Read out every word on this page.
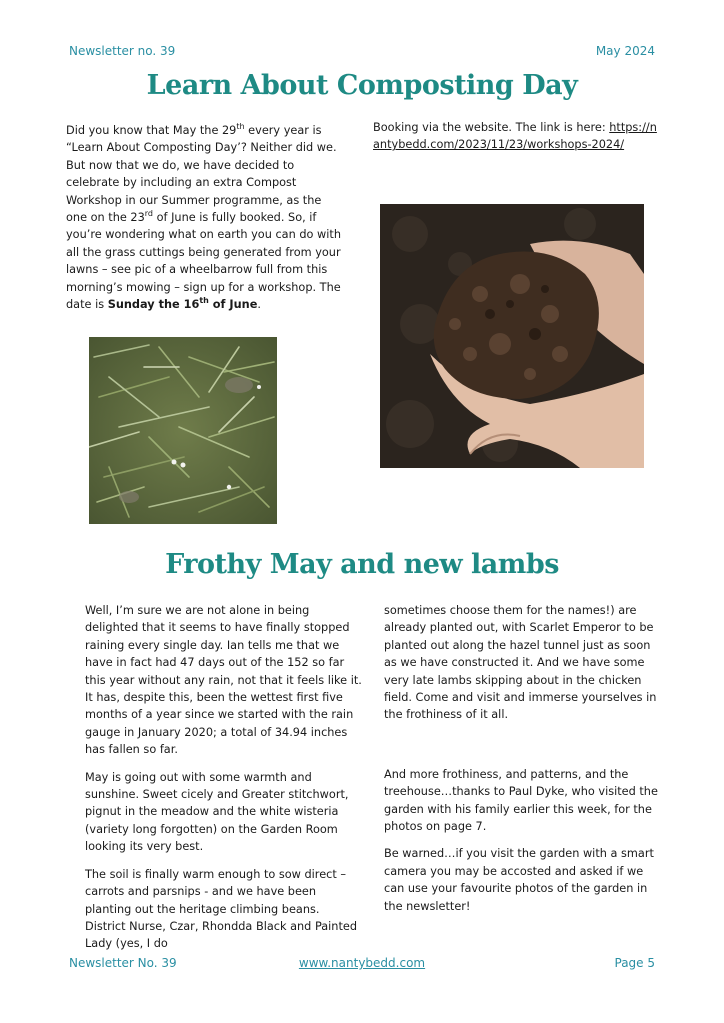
Newsletter no. 39	May 2024
Learn About Composting Day
Did you know that May the 29th every year is “Learn About Composting Day’? Neither did we. But now that we do, we have decided to celebrate by including an extra Compost Workshop in our Summer programme, as the one on the 23rd of June is fully booked. So, if you’re wondering what on earth you can do with all the grass cuttings being generated from your lawns – see pic of a wheelbarrow full from this morning’s mowing – sign up for a workshop. The date is Sunday the 16th of June.
Booking via the website. The link is here: https://nantybedd.com/2023/11/23/workshops-2024/
Frothy May and new lambs

Well, I’m sure we are not alone in being delighted that it seems to have finally stopped raining every single day. Ian tells me that we have in fact had 47 days out of the 152 so far this year without any rain, not that it feels like it. It has, despite this, been the wettest first five months of a year since we started with the rain gauge in January 2020; a total of 34.94 inches has fallen so far.

May is going out with some warmth and sunshine. Sweet cicely and Greater stitchwort, pignut in the meadow and the white wisteria (variety long forgotten) on the Garden Room looking its very best.

The soil is finally warm enough to sow direct – carrots and parsnips - and we have been planting out the heritage climbing beans. District Nurse, Czar, Rhondda Black and Painted Lady (yes, I do

sometimes choose them for the names!) are already planted out, with Scarlet Emperor to be planted out along the hazel tunnel just as soon as we have constructed it. And we have some very late lambs skipping about in the chicken field. Come and visit and immerse yourselves in the frothiness of it all.

And more frothiness, and patterns, and the treehouse…thanks to Paul Dyke, who visited the garden with his family earlier this week, for the photos on page 7.

Be warned…if you visit the garden with a smart camera you may be accosted and asked if we can use your favourite photos of the garden in the newsletter!

Newsletter No. 39	www.nantybedd.com	Page 5
